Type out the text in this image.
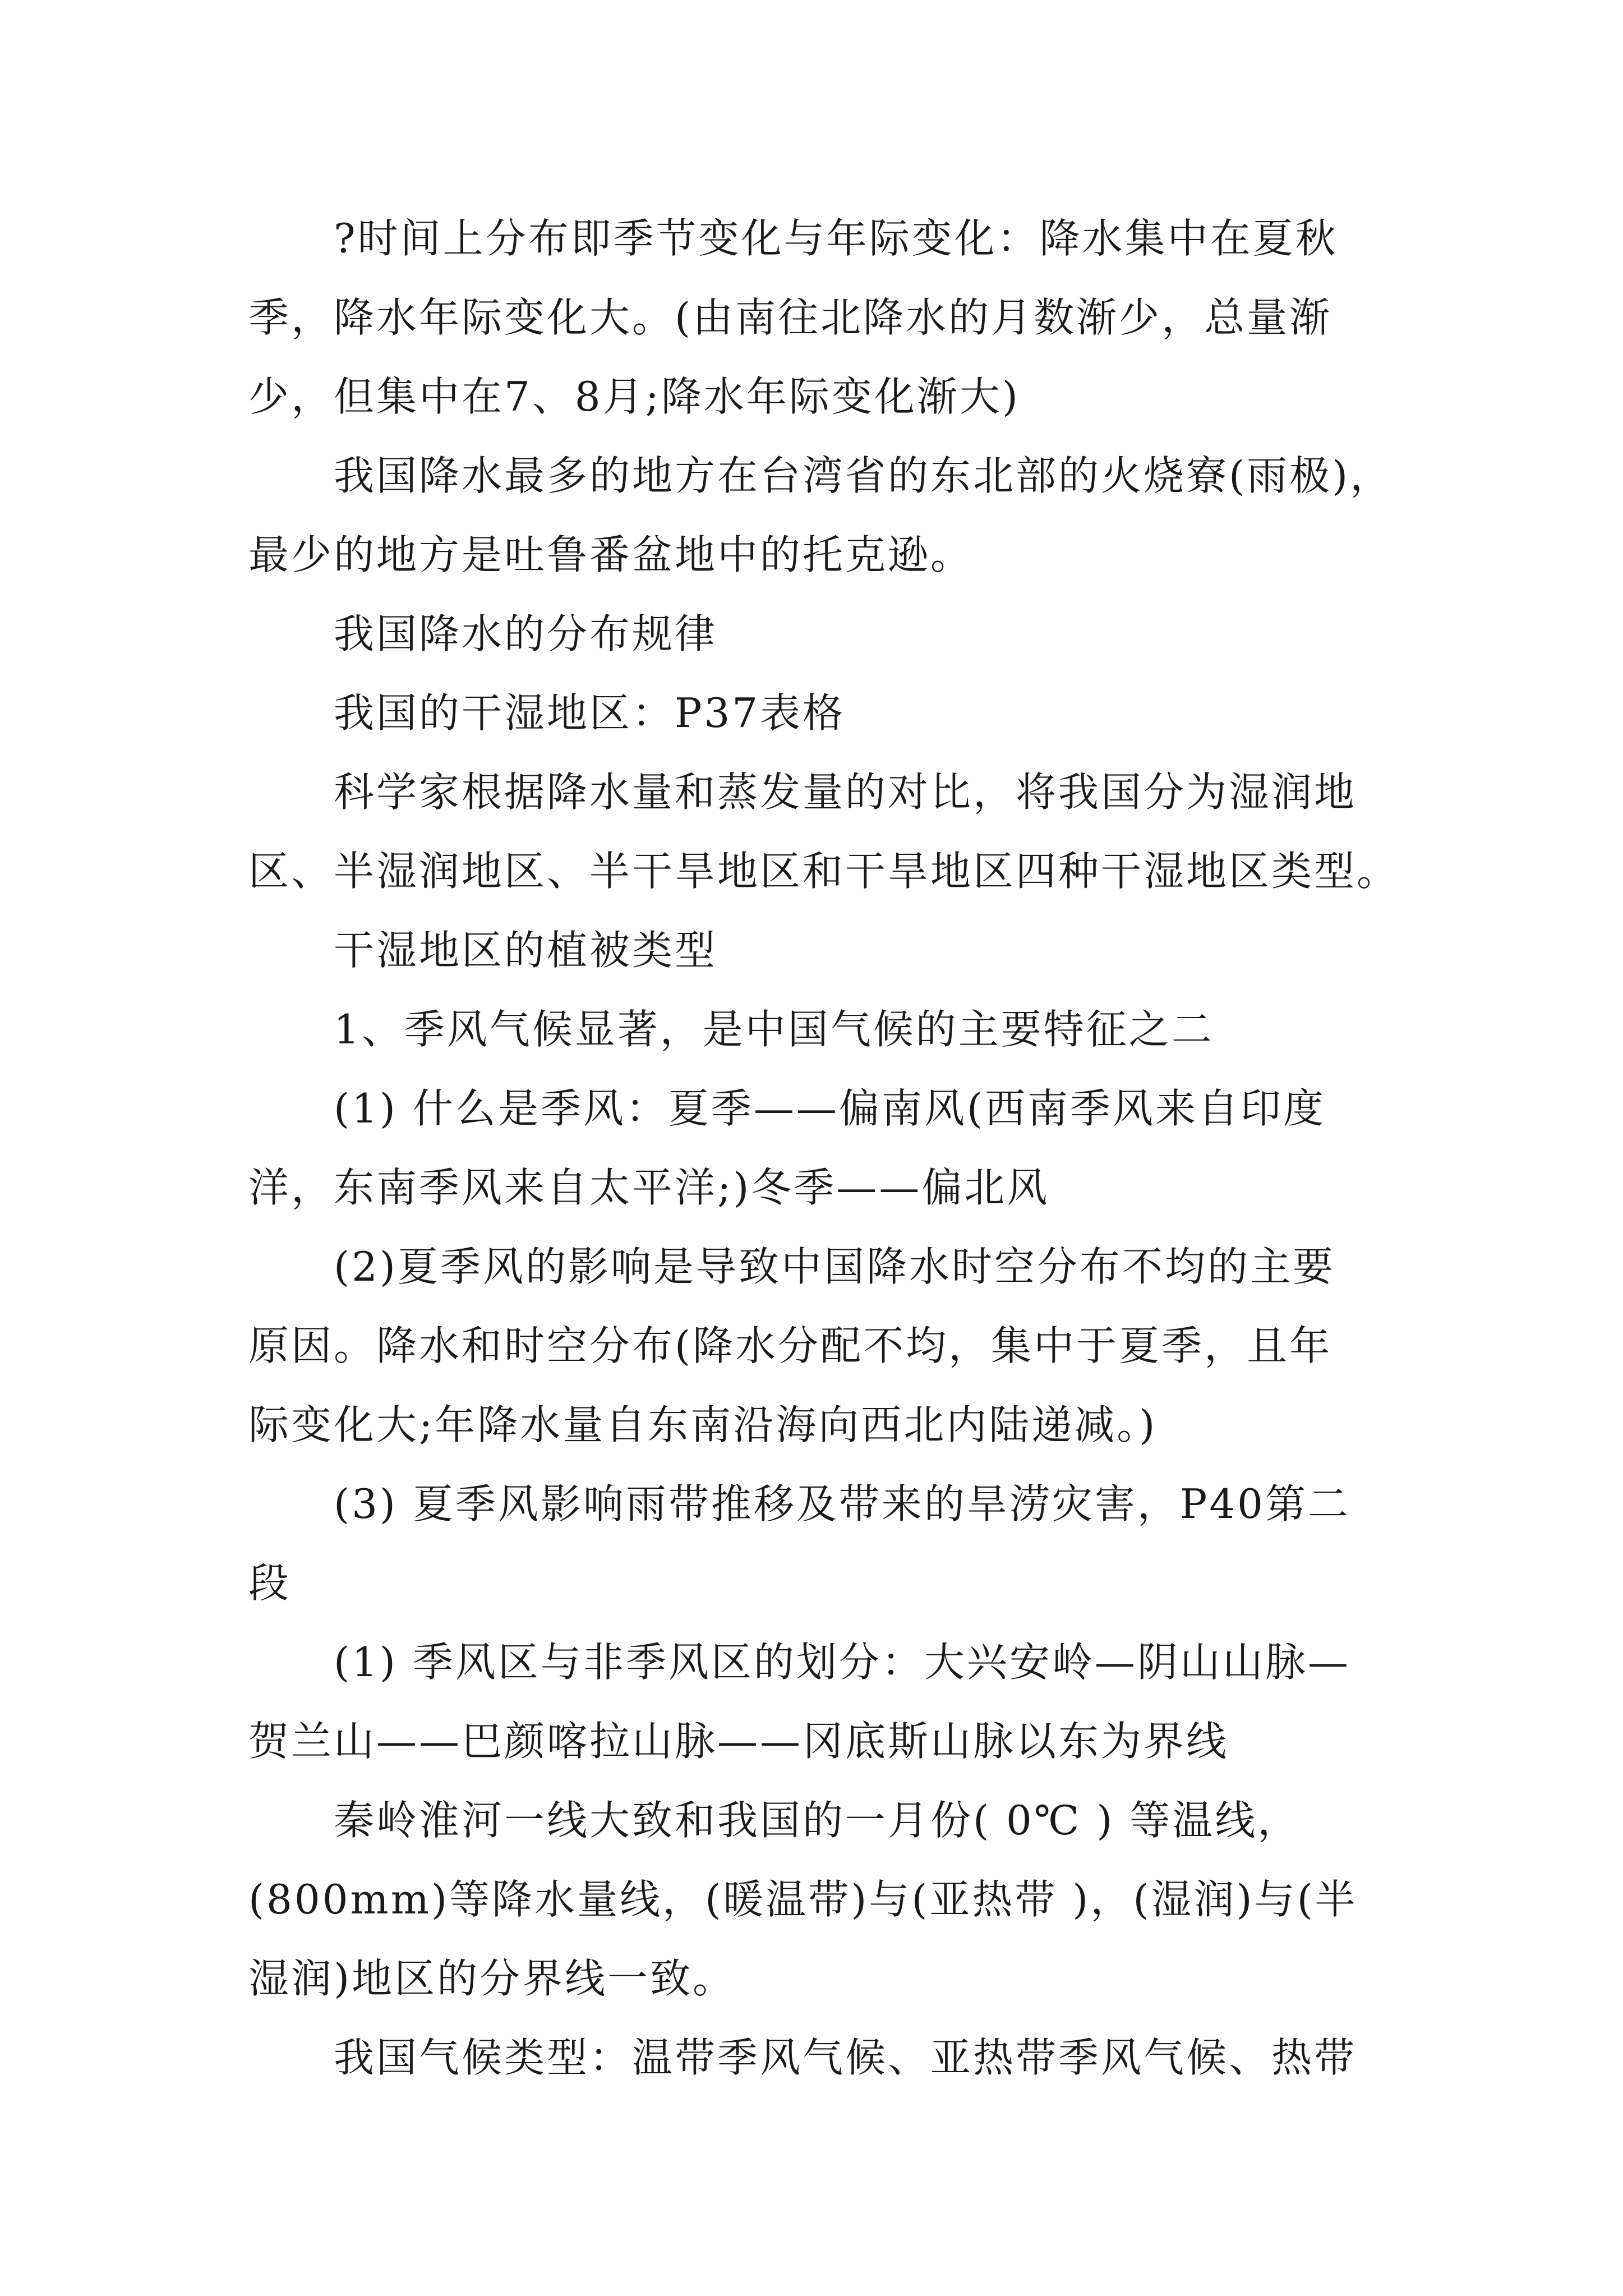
?时间上分布即季节变化与年际变化：降水集中在夏秋
季，降水年际变化大。(由南往北降水的月数渐少，总量渐
少，但集中在7、8月;降水年际变化渐大)

我国降水最多的地方在台湾省的东北部的火烧寮(雨极)，
最少的地方是吐鲁番盆地中的托克逊。

我国降水的分布规律

我国的干湿地区：P37表格

科学家根据降水量和蒸发量的对比，将我国分为湿润地
区、半湿润地区、半干旱地区和干旱地区四种干湿地区类型。

干湿地区的植被类型

1、季风气候显著，是中国气候的主要特征之二

(1) 什么是季风：夏季——偏南风(西南季风来自印度
洋，东南季风来自太平洋;)冬季——偏北风

(2)夏季风的影响是导致中国降水时空分布不均的主要
原因。降水和时空分布(降水分配不均，集中于夏季，且年
际变化大;年降水量自东南沿海向西北内陆递减。)

(3) 夏季风影响雨带推移及带来的旱涝灾害，P40第二
段

(1) 季风区与非季风区的划分：大兴安岭—阴山山脉—
贺兰山——巴颜喀拉山脉——冈底斯山脉以东为界线

秦岭淮河一线大致和我国的一月份( 0℃ ) 等温线，
(800mm)等降水量线，(暖温带)与(亚热带 )，(湿润)与(半
湿润)地区的分界线一致。

我国气候类型：温带季风气候、亚热带季风气候、热带
